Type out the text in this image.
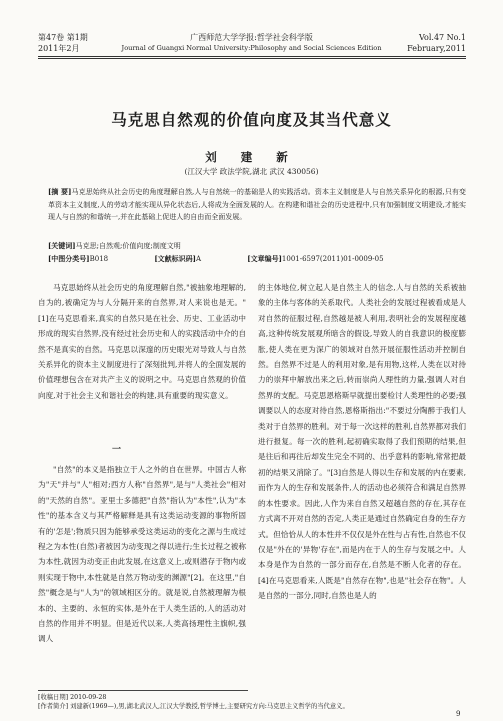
第47卷 第1期
2011年2月
广西师范大学学报:哲学社会科学版
Journal of Guangxi Normal University:Philosophy and Social Sciences Edition
Vol.47 No.1
February,2011
马克思自然观的价值向度及其当代意义
刘 建 新
(江汉大学 政法学院,湖北 武汉 430056)
[摘 要]马克思始终从社会历史的角度理解自然,人与自然统一的基础是人的实践活动。资本主义制度是人与自然关系异化的根源,只有变革资本主义制度,人的劳动才能实现从异化状态后,人将成为全面发展的人。在构建和谐社会的历史进程中,只有加强制度文明建设,才能实现人与自然的和谐统一,并在此基础上促进人的自由而全面发展。
[关键词]马克思;自然观;价值向度;制度文明
[中图分类号]B018	[文献标识码]A	[文章编号]1001-6597(2011)01-0009-05

马克思始终从社会历史的角度理解自然,"被抽象地理解的,自为的,被确定为与人分隔开来的自然界,对人来说也是无。"[1]在马克思看来,真实的自然只是在社会、历史、工业活动中形成的现实自然界,没有经过社会历史和人的实践活动中介的自然不是真实的自然。马克思以深邃的历史眼光对导致人与自然关系异化的资本主义制度进行了深刻批判,并将人的全面发展的价值理想包含在对共产主义的说明之中。马克思自然观的价值向度,对于社会主义和谐社会的构建,具有重要的现实意义。

一

"自然"的本义是指独立于人之外的自在世界。中国古人称为"天"并与"人"相对;西方人称"自然界",是与"人类社会"相对的"天然的自然"。亚里士多德把"自然"指认为"本性",认为"本性"的基本含义与其严格解释是具有这类运动变源的事物所固有的'怎是';物质只因为能够承受这类运动的变化之源与生成过程之为本性(自然)者被因为动变现之得以进行;生长过程之被称为本性,就因为动变正由此发展,在这意义上,或则潜存于物内或则实现于物中,本性就是自然万物动变的渊源"[2]。在这里,"自然"概念是与"人为"的领域相区分的。就是说,自然被理解为根本的、主要的、永恒的实体,是外在于人类生活的,人的活动对自然的作用并不明显。但是近代以来,人类高扬理性主旗帜,强调人

的主体地位,树立起人是自然主人的信念,人与自然的关系被抽象的主体与客体的关系取代。人类社会的发展过程被看成是人对自然的征服过程,自然越是被人利用,表明社会的发展程度越高,这种传统发展观所暗含的假设,导致人的自我意识的极度膨胀,使人类在更为深广的领域对自然开展征服性活动并控制自然。自然界不过是人的利用对象,是有用物,这样,人类在以对待力的崇拜中解放出来之后,转而崇尚人理性的力量,强调人对自然界的支配。马克思恩格斯早就提出要检讨人类理性的必要;强调要以人的态度对待自然,恩格斯指出:"不要过分陶醉于我们人类对于自然界的胜利。对于每一次这样的胜利,自然界都对我们进行报复。每一次的胜利,起初确实取得了我们预期的结果,但是往后和再往后却发生完全不同的、出乎意料的影响,常常把最初的结果又消除了。"[3]自然是人得以生存和发展的内在要素,而作为人的生存和发展条件,人的活动也必须符合和满足自然界的本性要求。因此,人作为来自自然又超越自然的存在,其存在方式离不开对自然的否定,人类正是通过自然确定自身的生存方式。但恰恰从人的本性并不仅仅是外在性与占有性,自然也不仅仅是"外在的'异物'存在",而是内在于人的生存与发展之中。人本身是作为自然的一部分而存在,自然是不断人化者的存在。[4]在马克思看来,人既是"自然存在物",也是"社会存在物"。人是自然的一部分,同时,自然也是人的

[收稿日期] 2010-09-28
[作者简介] 刘建新(1969—),男,湖北武汉人,江汉大学教授,哲学博士,主要研究方向:马克思主义哲学的当代意义。
9
